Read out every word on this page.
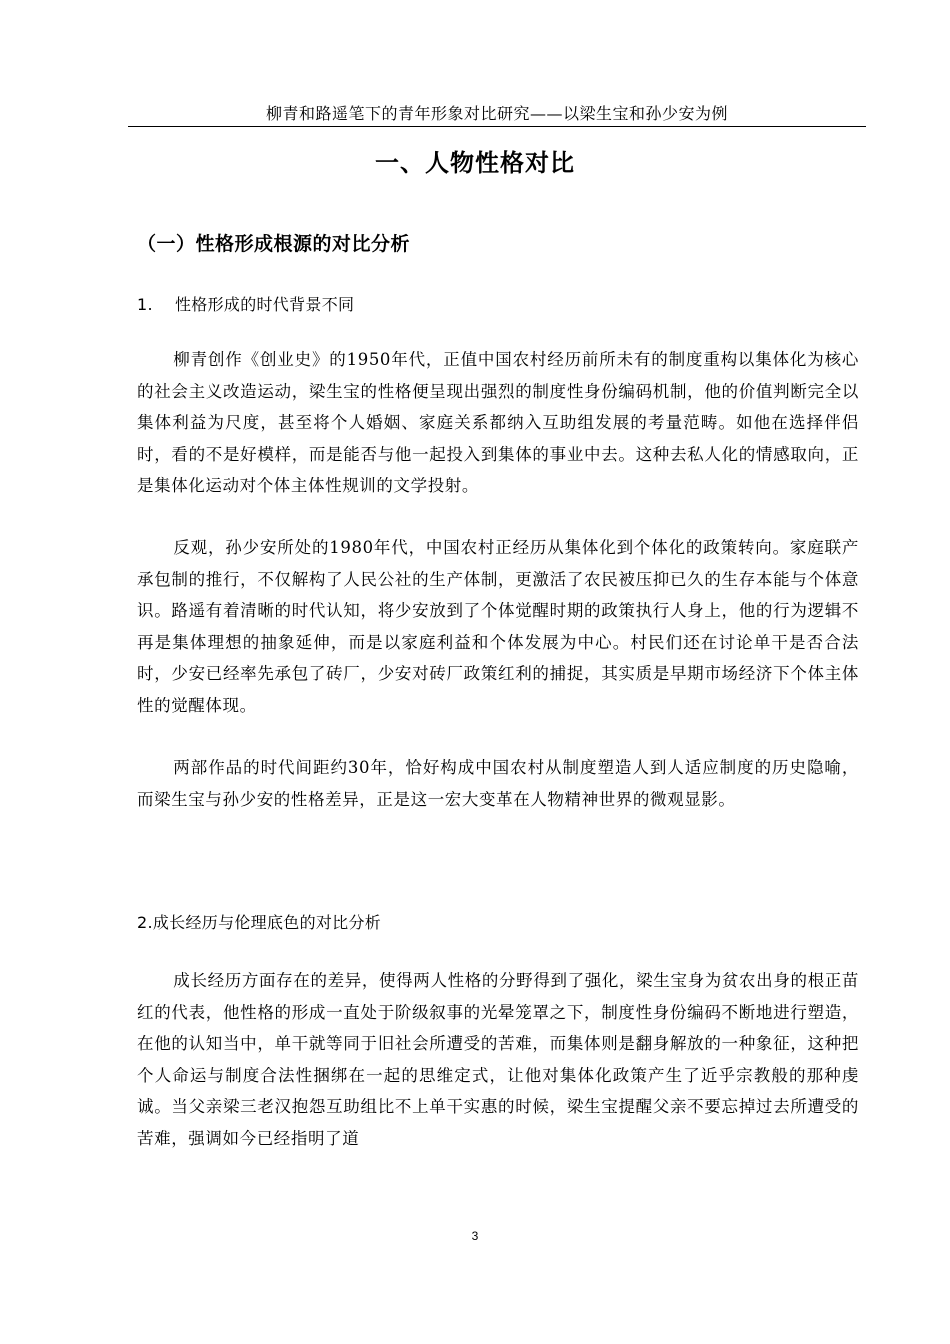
柳青和路遥笔下的青年形象对比研究——以梁生宝和孙少安为例
一、人物性格对比
（一）性格形成根源的对比分析
1. 性格形成的时代背景不同

柳青创作《创业史》的1950年代，正值中国农村经历前所未有的制度重构以集体化为核心的社会主义改造运动，梁生宝的性格便呈现出强烈的制度性身份编码机制，他的价值判断完全以集体利益为尺度，甚至将个人婚姻、家庭关系都纳入互助组发展的考量范畴。如他在选择伴侣时，看的不是好模样，而是能否与他一起投入到集体的事业中去。这种去私人化的情感取向，正是集体化运动对个体主体性规训的文学投射。

反观，孙少安所处的1980年代，中国农村正经历从集体化到个体化的政策转向。家庭联产承包制的推行，不仅解构了人民公社的生产体制，更激活了农民被压抑已久的生存本能与个体意识。路遥有着清晰的时代认知，将少安放到了个体觉醒时期的政策执行人身上，他的行为逻辑不再是集体理想的抽象延伸，而是以家庭利益和个体发展为中心。村民们还在讨论单干是否合法时，少安已经率先承包了砖厂，少安对砖厂政策红利的捕捉，其实质是早期市场经济下个体主体性的觉醒体现。

两部作品的时代间距约30年，恰好构成中国农村从制度塑造人到人适应制度的历史隐喻，而梁生宝与孙少安的性格差异，正是这一宏大变革在人物精神世界的微观显影。

2.成长经历与伦理底色的对比分析

成长经历方面存在的差异，使得两人性格的分野得到了强化，梁生宝身为贫农出身的根正苗红的代表，他性格的形成一直处于阶级叙事的光晕笼罩之下，制度性身份编码不断地进行塑造，在他的认知当中，单干就等同于旧社会所遭受的苦难，而集体则是翻身解放的一种象征，这种把个人命运与制度合法性捆绑在一起的思维定式，让他对集体化政策产生了近乎宗教般的那种虔诚。当父亲梁三老汉抱怨互助组比不上单干实惠的时候，梁生宝提醒父亲不要忘掉过去所遭受的苦难，强调如今已经指明了道

3
